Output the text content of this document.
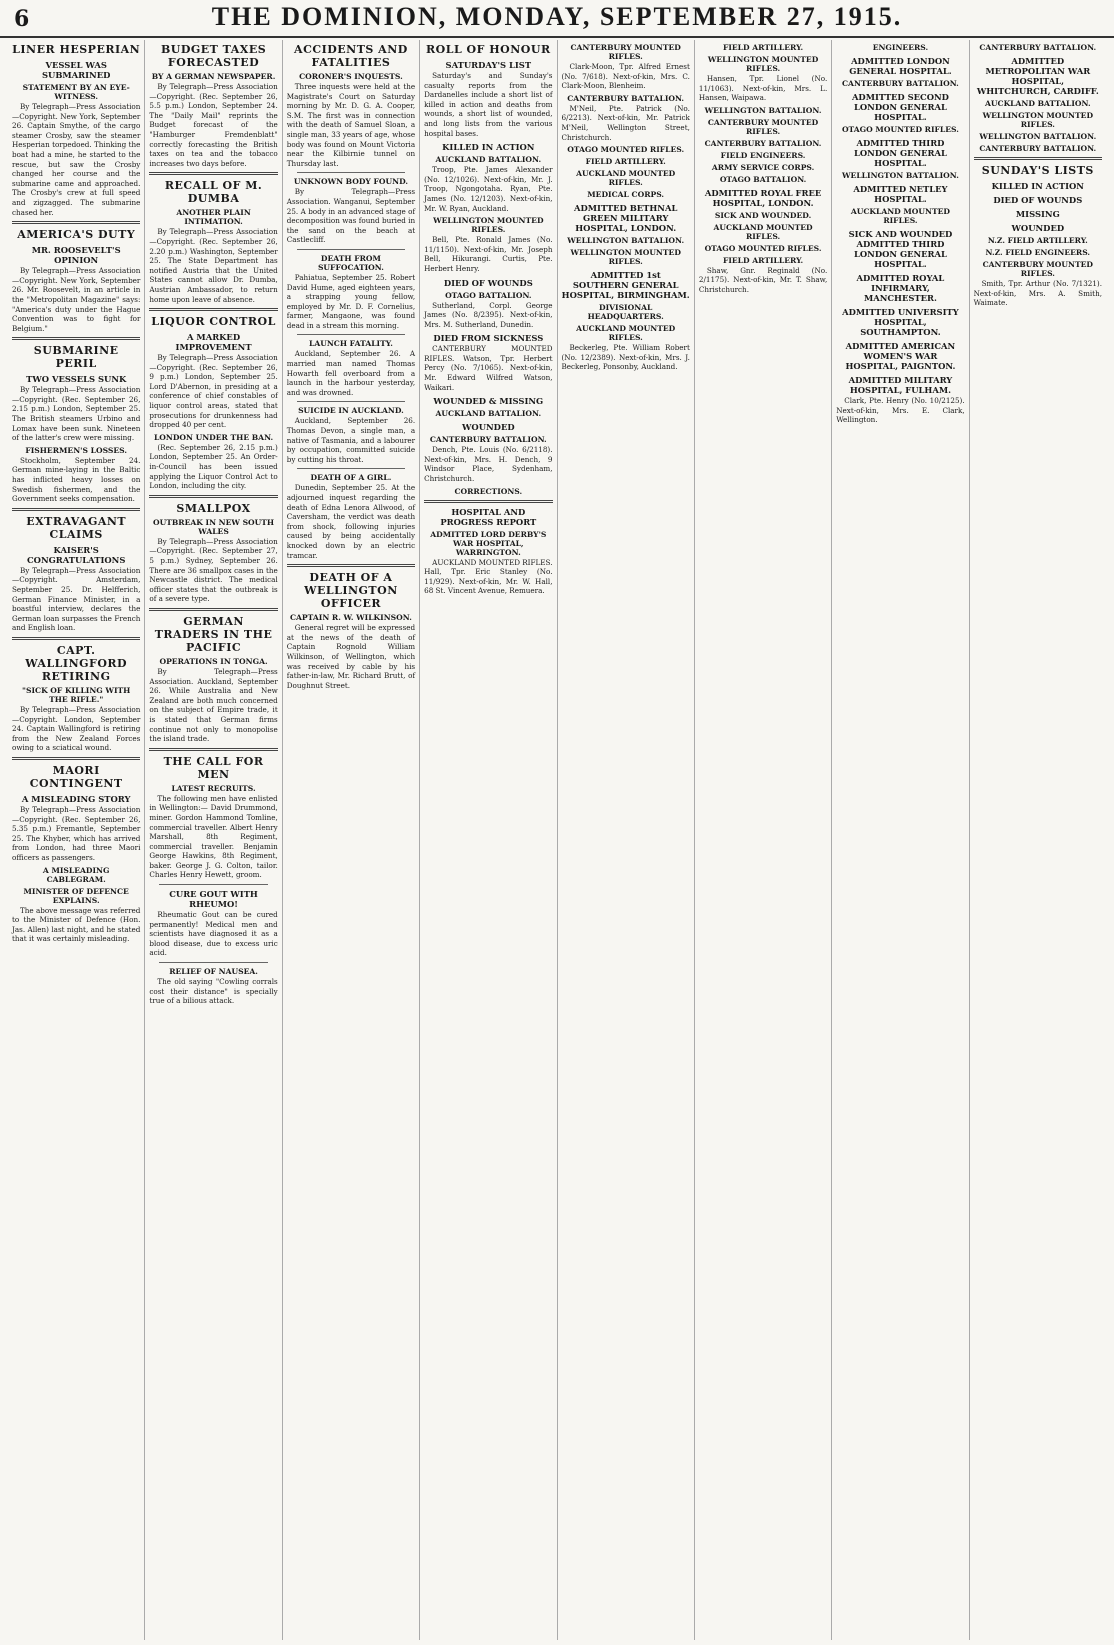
6	THE DOMINION, MONDAY, SEPTEMBER 27, 1915.
LINER HESPERIAN
VESSEL WAS SUBMARINED
STATEMENT BY AN EYE-WITNESS.

By Telegraph—Press Association—Copyright. New York, September 26. Captain Smythe, of the cargo steamer Crosby, saw the steamer Hesperian torpedoed. Thinking the boat had a mine, he started to the rescue, but saw the Crosby changed her course and the submarine came and approached. The Crosby's crew at full speed and zigzagged. The submarine chased her.

AMERICA'S DUTY
MR. ROOSEVELT'S OPINION

By Telegraph—Press Association—Copyright. New York, September 26. Mr. Roosevelt, in an article in the "Metropolitan Magazine" says: "America's duty under the Hague Convention was to fight for Belgium."

SUBMARINE PERIL
TWO VESSELS SUNK

By Telegraph—Press Association—Copyright. (Rec. September 26, 2.15 p.m.) London, September 25. The British steamers Urbino and Lomax have been sunk. Nineteen of the latter's crew were missing.

FISHERMEN'S LOSSES.

Stockholm, September 24. German mine-laying in the Baltic has inflicted heavy losses on Swedish fishermen, and the Government seeks compensation.

EXTRAVAGANT CLAIMS
KAISER'S CONGRATULATIONS

By Telegraph—Press Association—Copyright. Amsterdam, September 25. Dr. Helfferich, German Finance Minister, in a boastful interview, declares the German loan surpasses the French and English loan.

CAPT. WALLINGFORD RETIRING
"SICK OF KILLING WITH THE RIFLE."

By Telegraph—Press Association—Copyright. London, September 24. Captain Wallingford is retiring from the New Zealand Forces owing to a sciatical wound.

MAORI CONTINGENT
A MISLEADING STORY

By Telegraph—Press Association—Copyright. (Rec. September 26, 5.35 p.m.) Fremantle, September 25. The Khyber, which has arrived from London, had three Maori officers as passengers.

A MISLEADING CABLEGRAM.
MINISTER OF DEFENCE EXPLAINS.

The above message was referred to the Minister of Defence (Hon. Jas. Allen) last night, and he stated that it was certainly misleading.

BUDGET TAXES FORECASTED
BY A GERMAN NEWSPAPER.

By Telegraph—Press Association—Copyright. (Rec. September 26, 5.5 p.m.) London, September 24. The "Daily Mail" reprints the Budget forecast of the "Hamburger Fremdenblatt" correctly forecasting the British taxes on tea and the tobacco increases two days before.

RECALL OF M. DUMBA
ANOTHER PLAIN INTIMATION.

By Telegraph—Press Association—Copyright. (Rec. September 26, 2.20 p.m.) Washington, September 25. The State Department has notified Austria that the United States cannot allow Dr. Dumba, Austrian Ambassador, to return home upon leave of absence.

LIQUOR CONTROL
A MARKED IMPROVEMENT

By Telegraph—Press Association—Copyright. (Rec. September 26, 9 p.m.) London, September 25. Lord D'Abernon, in presiding at a conference of chief constables of liquor control areas, stated that prosecutions for drunkenness had dropped 40 per cent.

LONDON UNDER THE BAN.

(Rec. September 26, 2.15 p.m.) London, September 25. An Order-in-Council has been issued applying the Liquor Control Act to London, including the city.

SMALLPOX
OUTBREAK IN NEW SOUTH WALES

By Telegraph—Press Association—Copyright. (Rec. September 27, 5 p.m.) Sydney, September 26. There are 36 smallpox cases in the Newcastle district. The medical officer states that the outbreak is of a severe type.

GERMAN TRADERS IN THE PACIFIC
OPERATIONS IN TONGA.

By Telegraph—Press Association. Auckland, September 26. While Australia and New Zealand are both much concerned on the subject of Empire trade, it is stated that German firms continue not only to monopolise the island trade.

THE CALL FOR MEN
LATEST RECRUITS.

The following men have enlisted in Wellington:— David Drummond, miner. Gordon Hammond Tomline, commercial traveller. Albert Henry Marshall, 8th Regiment, commercial traveller. Benjamin George Hawkins, 8th Regiment, baker. George J. G. Colton, tailor. Charles Henry Hewett, groom.

CURE GOUT WITH RHEUMO!

Rheumatic Gout can be cured permanently! Medical men and scientists have diagnosed it as a blood disease, due to excess uric acid.

RELIEF OF NAUSEA.

The old saying "Cowling corrals cost their distance" is specially true of a bilious attack.

ACCIDENTS AND FATALITIES
CORONER'S INQUESTS.

Three inquests were held at the Magistrate's Court on Saturday morning by Mr. D. G. A. Cooper, S.M. The first was in connection with the death of Samuel Sloan, a single man, 33 years of age, whose body was found on Mount Victoria near the Kilbirnie tunnel on Thursday last.

UNKNOWN BODY FOUND.

By Telegraph—Press Association. Wanganui, September 25. A body in an advanced stage of decomposition was found buried in the sand on the beach at Castlecliff.

DEATH FROM SUFFOCATION.

Pahiatua, September 25. Robert David Hume, aged eighteen years, a strapping young fellow, employed by Mr. D. F. Cornelius, farmer, Mangaone, was found dead in a stream this morning.

LAUNCH FATALITY.

Auckland, September 26. A married man named Thomas Howarth fell overboard from a launch in the harbour yesterday, and was drowned.

SUICIDE IN AUCKLAND.

Auckland, September 26. Thomas Devon, a single man, a native of Tasmania, and a labourer by occupation, committed suicide by cutting his throat.

DEATH OF A GIRL.

Dunedin, September 25. At the adjourned inquest regarding the death of Edna Lenora Allwood, of Caversham, the verdict was death from shock, following injuries caused by being accidentally knocked down by an electric tramcar.

DEATH OF A WELLINGTON OFFICER
CAPTAIN R. W. WILKINSON.

General regret will be expressed at the news of the death of Captain Rognold William Wilkinson, of Wellington, which was received by cable by his father-in-law, Mr. Richard Brutt, of Doughnut Street.

ROLL OF HONOUR
SATURDAY'S LIST

Saturday's and Sunday's casualty reports from the Dardanelles include a short list of killed in action and deaths from wounds, a short list of wounded, and long lists from the various hospital bases.

KILLED IN ACTION
AUCKLAND BATTALION.

Troop, Pte. James Alexander (No. 12/1026). Next-of-kin, Mr. J. Troop, Ngongotaha. Ryan, Pte. James (No. 12/1203). Next-of-kin, Mr. W. Ryan, Auckland.

WELLINGTON MOUNTED RIFLES.

Bell, Pte. Ronald James (No. 11/1150). Next-of-kin, Mr. Joseph Bell, Hikurangi. Curtis, Pte. Herbert Henry.

DIED OF WOUNDS
OTAGO BATTALION.

Sutherland, Corpl. George James (No. 8/2395). Next-of-kin, Mrs. M. Sutherland, Dunedin.

DIED FROM SICKNESS

CANTERBURY MOUNTED RIFLES. Watson, Tpr. Herbert Percy (No. 7/1065). Next-of-kin, Mr. Edward Wilfred Watson, Waikari.

WOUNDED & MISSING
AUCKLAND BATTALION.
WOUNDED
CANTERBURY BATTALION.

Dench, Pte. Louis (No. 6/2118). Next-of-kin, Mrs. H. Dench, 9 Windsor Place, Sydenham, Christchurch.

CORRECTIONS.
HOSPITAL AND PROGRESS REPORT
ADMITTED LORD DERBY'S WAR HOSPITAL, WARRINGTON.

AUCKLAND MOUNTED RIFLES. Hall, Tpr. Eric Stanley (No. 11/929). Next-of-kin, Mr. W. Hall, 68 St. Vincent Avenue, Remuera.

CANTERBURY MOUNTED RIFLES.

Clark-Moon, Tpr. Alfred Ernest (No. 7/618). Next-of-kin, Mrs. C. Clark-Moon, Blenheim.

CANTERBURY BATTALION.

M'Neil, Pte. Patrick (No. 6/2213). Next-of-kin, Mr. Patrick M'Neil, Wellington Street, Christchurch.

OTAGO MOUNTED RIFLES.
FIELD ARTILLERY.
AUCKLAND MOUNTED RIFLES.
MEDICAL CORPS.
ADMITTED BETHNAL GREEN MILITARY HOSPITAL, LONDON.
WELLINGTON BATTALION.
WELLINGTON MOUNTED RIFLES.
ADMITTED 1st SOUTHERN GENERAL HOSPITAL, BIRMINGHAM.
DIVISIONAL HEADQUARTERS.
AUCKLAND MOUNTED RIFLES.

Beckerleg, Pte. William Robert (No. 12/2389). Next-of-kin, Mrs. J. Beckerleg, Ponsonby, Auckland.

FIELD ARTILLERY.
WELLINGTON MOUNTED RIFLES.

Hansen, Tpr. Lionel (No. 11/1063). Next-of-kin, Mrs. L. Hansen, Waipawa.

WELLINGTON BATTALION.
CANTERBURY MOUNTED RIFLES.
CANTERBURY BATTALION.
FIELD ENGINEERS.
ARMY SERVICE CORPS.
OTAGO BATTALION.
ADMITTED ROYAL FREE HOSPITAL, LONDON.
SICK AND WOUNDED.
AUCKLAND MOUNTED RIFLES.
OTAGO MOUNTED RIFLES.
FIELD ARTILLERY.

Shaw, Gnr. Reginald (No. 2/1175). Next-of-kin, Mr. T. Shaw, Christchurch.

ENGINEERS.
ADMITTED LONDON GENERAL HOSPITAL.
CANTERBURY BATTALION.
ADMITTED SECOND LONDON GENERAL HOSPITAL.
OTAGO MOUNTED RIFLES.
ADMITTED THIRD LONDON GENERAL HOSPITAL.
WELLINGTON BATTALION.
ADMITTED NETLEY HOSPITAL.
AUCKLAND MOUNTED RIFLES.
SICK AND WOUNDED ADMITTED THIRD LONDON GENERAL HOSPITAL.
ADMITTED ROYAL INFIRMARY, MANCHESTER.
ADMITTED UNIVERSITY HOSPITAL, SOUTHAMPTON.
ADMITTED AMERICAN WOMEN'S WAR HOSPITAL, PAIGNTON.
ADMITTED MILITARY HOSPITAL, FULHAM.

Clark, Pte. Henry (No. 10/2125). Next-of-kin, Mrs. E. Clark, Wellington.

CANTERBURY BATTALION.
ADMITTED METROPOLITAN WAR HOSPITAL, WHITCHURCH, CARDIFF.
AUCKLAND BATTALION.
WELLINGTON MOUNTED RIFLES.
WELLINGTON BATTALION.
CANTERBURY BATTALION.
SUNDAY'S LISTS
KILLED IN ACTION
DIED OF WOUNDS
MISSING
WOUNDED
N.Z. FIELD ARTILLERY.
N.Z. FIELD ENGINEERS.
CANTERBURY MOUNTED RIFLES.

Smith, Tpr. Arthur (No. 7/1321). Next-of-kin, Mrs. A. Smith, Waimate.
